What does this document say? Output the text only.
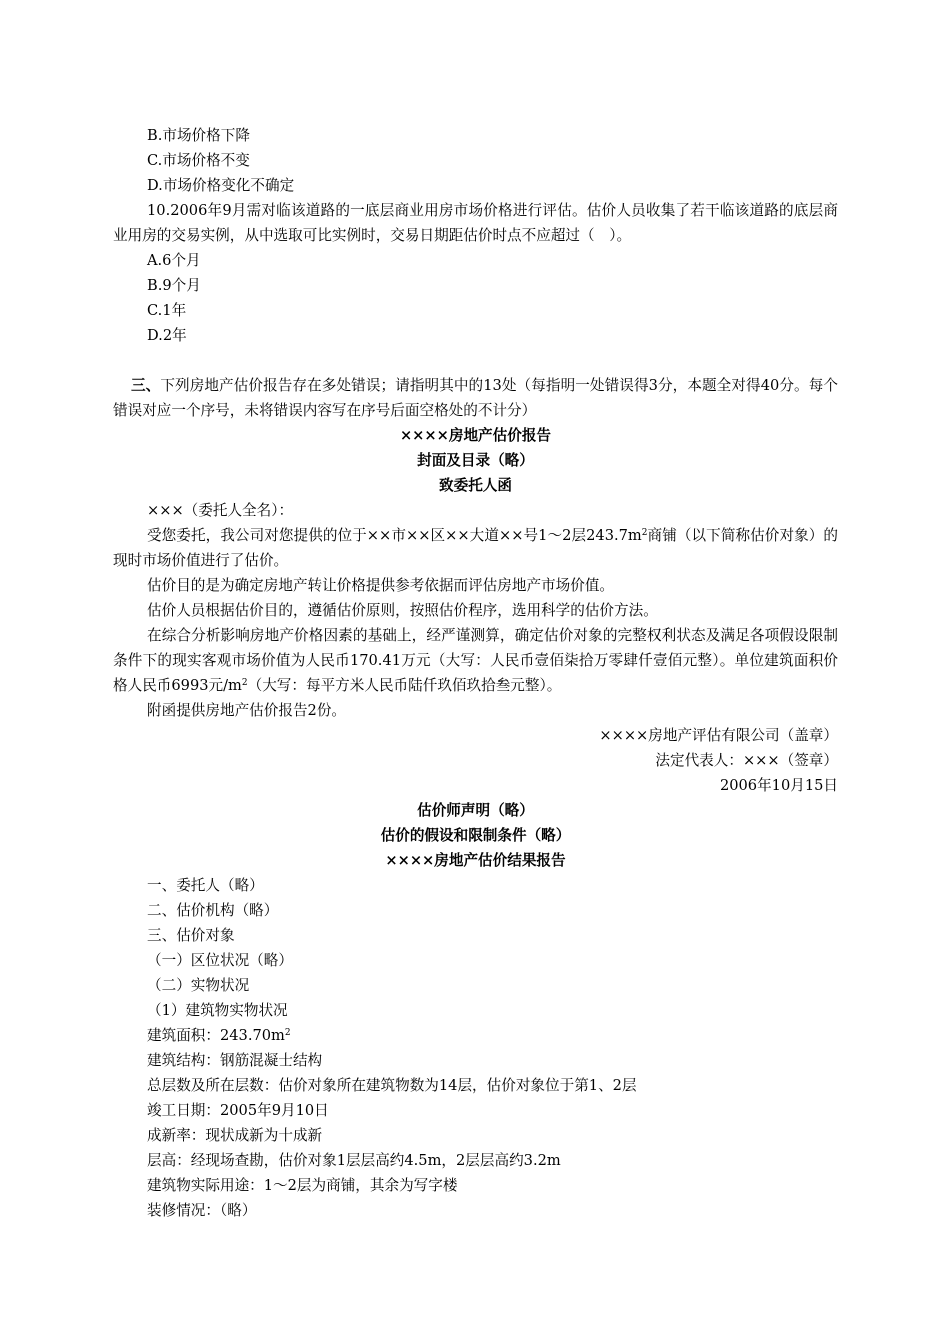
B.市场价格下降

C.市场价格不变

D.市场价格变化不确定

10.2006年9月需对临该道路的一底层商业用房市场价格进行评估。估价人员收集了若干临该道路的底层商业用房的交易实例，从中选取可比实例时，交易日期距估价时点不应超过（　）。

A.6个月

B.9个月

C.1年

D.2年

三、下列房地产估价报告存在多处错误；请指明其中的13处（每指明一处错误得3分，本题全对得40分。每个错误对应一个序号，未将错误内容写在序号后面空格处的不计分）

××××房地产估价报告

封面及目录（略）

致委托人函

×××（委托人全名）：

受您委托，我公司对您提供的位于××市××区××大道××号1～2层$243.7m^2$商铺（以下简称估价对象）的现时市场价值进行了估价。

估价目的是为确定房地产转让价格提供参考依据而评估房地产市场价值。

估价人员根据估价目的，遵循估价原则，按照估价程序，选用科学的估价方法。

在综合分析影响房地产价格因素的基础上，经严谨测算，确定估价对象的完整权利状态及满足各项假设限制条件下的现实客观市场价值为人民币170.41万元（大写：人民币壹佰柒拾万零肆仟壹佰元整）。单位建筑面积价格人民币6993元$/m^2$（大写：每平方米人民币陆仟玖佰玖拾叁元整）。

附函提供房地产估价报告2份。

××××房地产评估有限公司（盖章）

法定代表人：×××（签章）

2006年10月15日

估价师声明（略）

估价的假设和限制条件（略）

××××房地产估价结果报告

一、委托人（略）

二、估价机构（略）

三、估价对象

（一）区位状况（略）

（二）实物状况

（1）建筑物实物状况

建筑面积：$243.70m^2$

建筑结构：钢筋混凝士结构

总层数及所在层数：估价对象所在建筑物数为14层，估价对象位于第1、2层

竣工日期：2005年9月10日

成新率：现状成新为十成新

层高：经现场查勘，估价对象1层层高约4.5m，2层层高约3.2m

建筑物实际用途：1～2层为商铺，其余为写字楼

装修情况：（略）
